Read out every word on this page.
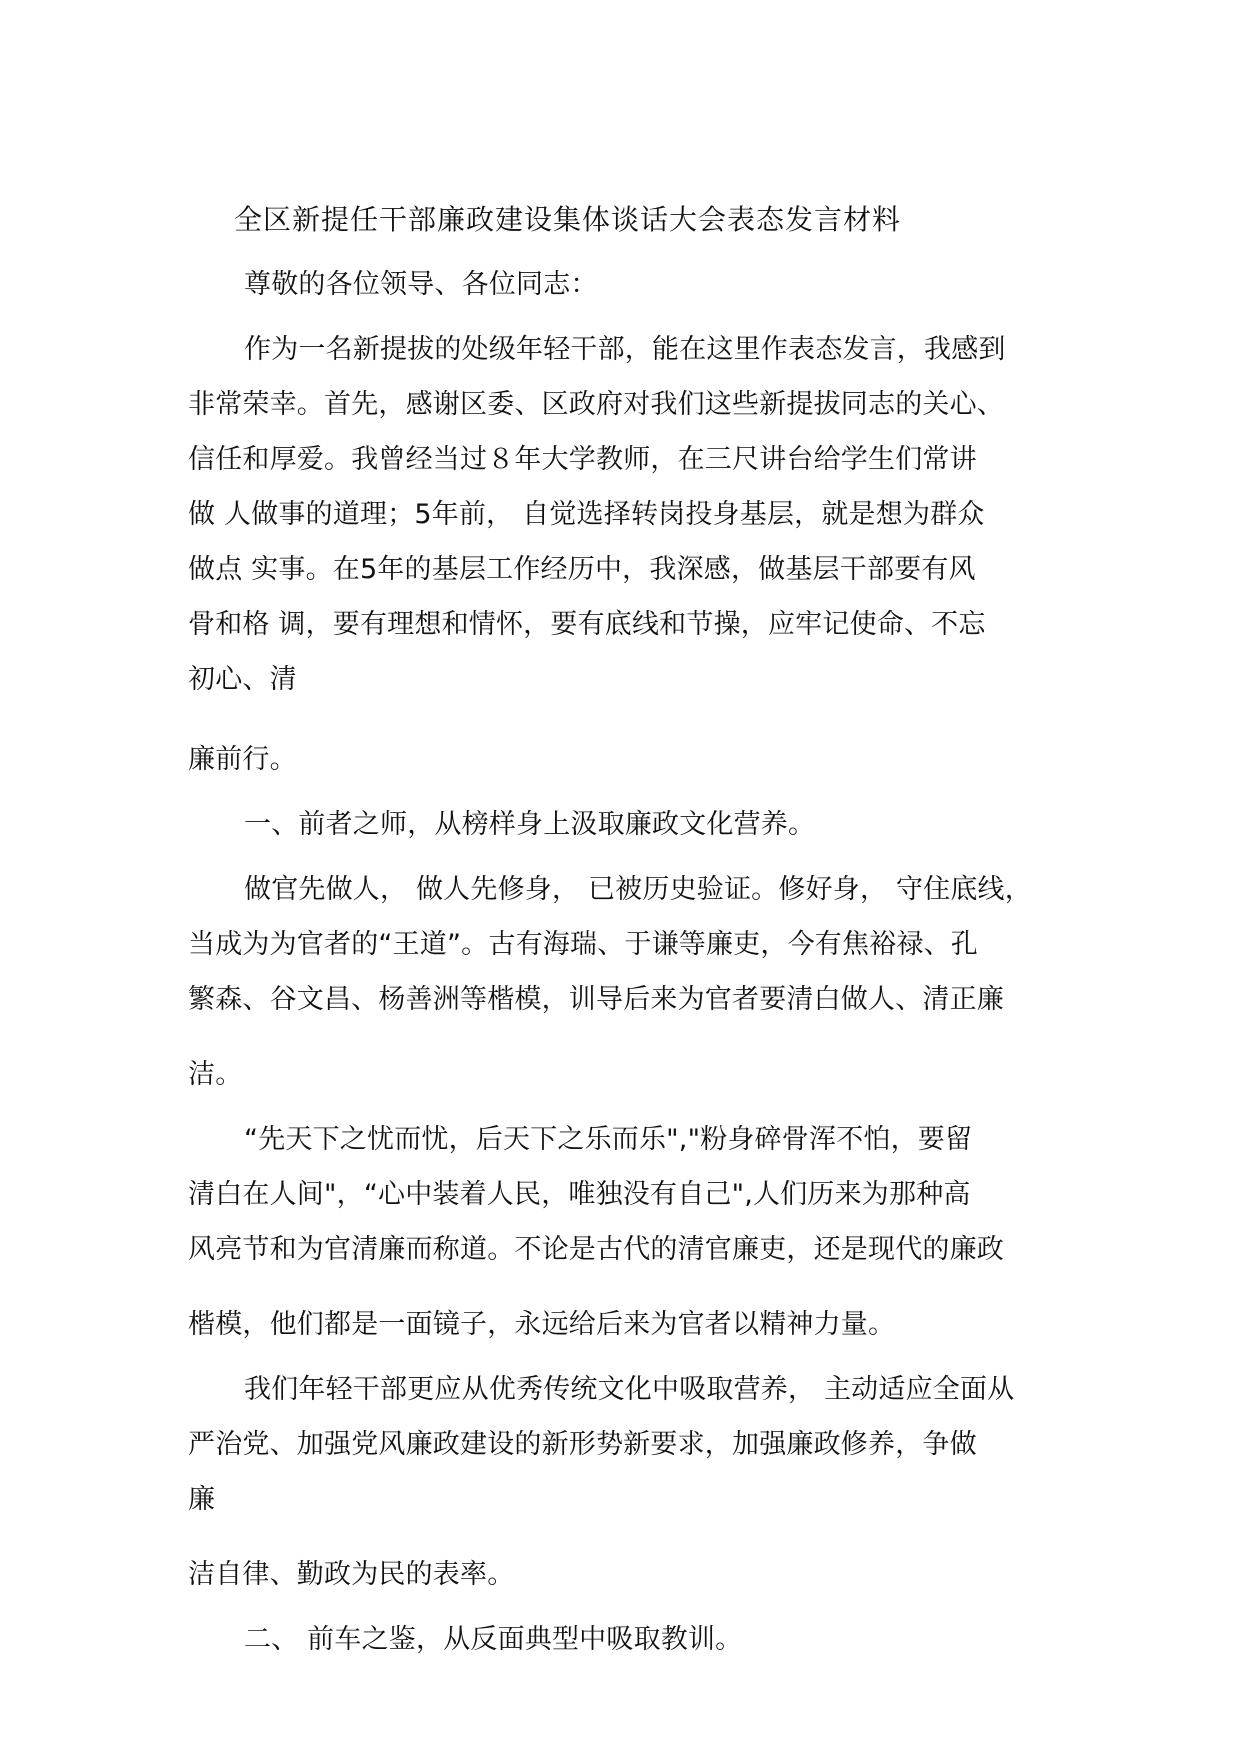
全区新提任干部廉政建设集体谈话大会表态发言材料
尊敬的各位领导、各位同志：
作为一名新提拔的处级年轻干部，能在这里作表态发言，我感到
非常荣幸。首先，感谢区委、区政府对我们这些新提拔同志的关心、
信任和厚爱。我曾经当过８年大学教师，在三尺讲台给学生们常讲
做 人做事的道理；5年前， 自觉选择转岗投身基层，就是想为群众
做点 实事。在5年的基层工作经历中，我深感，做基层干部要有风
骨和格 调，要有理想和情怀，要有底线和节操，应牢记使命、不忘
初心、清
廉前行。
一、前者之师，从榜样身上汲取廉政文化营养。
做官先做人， 做人先修身， 已被历史验证。修好身， 守住底线，
当成为为官者的“王道”。古有海瑞、于谦等廉吏，今有焦裕禄、孔
繁森、谷文昌、杨善洲等楷模，训导后来为官者要清白做人、清正廉
洁。
“先天下之忧而忧，后天下之乐而乐","粉身碎骨浑不怕，要留
清白在人间"，“心中装着人民，唯独没有自己",人们历来为那种高
风亮节和为官清廉而称道。不论是古代的清官廉吏，还是现代的廉政
楷模，他们都是一面镜子，永远给后来为官者以精神力量。
我们年轻干部更应从优秀传统文化中吸取营养， 主动适应全面从
严治党、加强党风廉政建设的新形势新要求，加强廉政修养，争做
廉
洁自律、勤政为民的表率。
二、 前车之鉴，从反面典型中吸取教训。
